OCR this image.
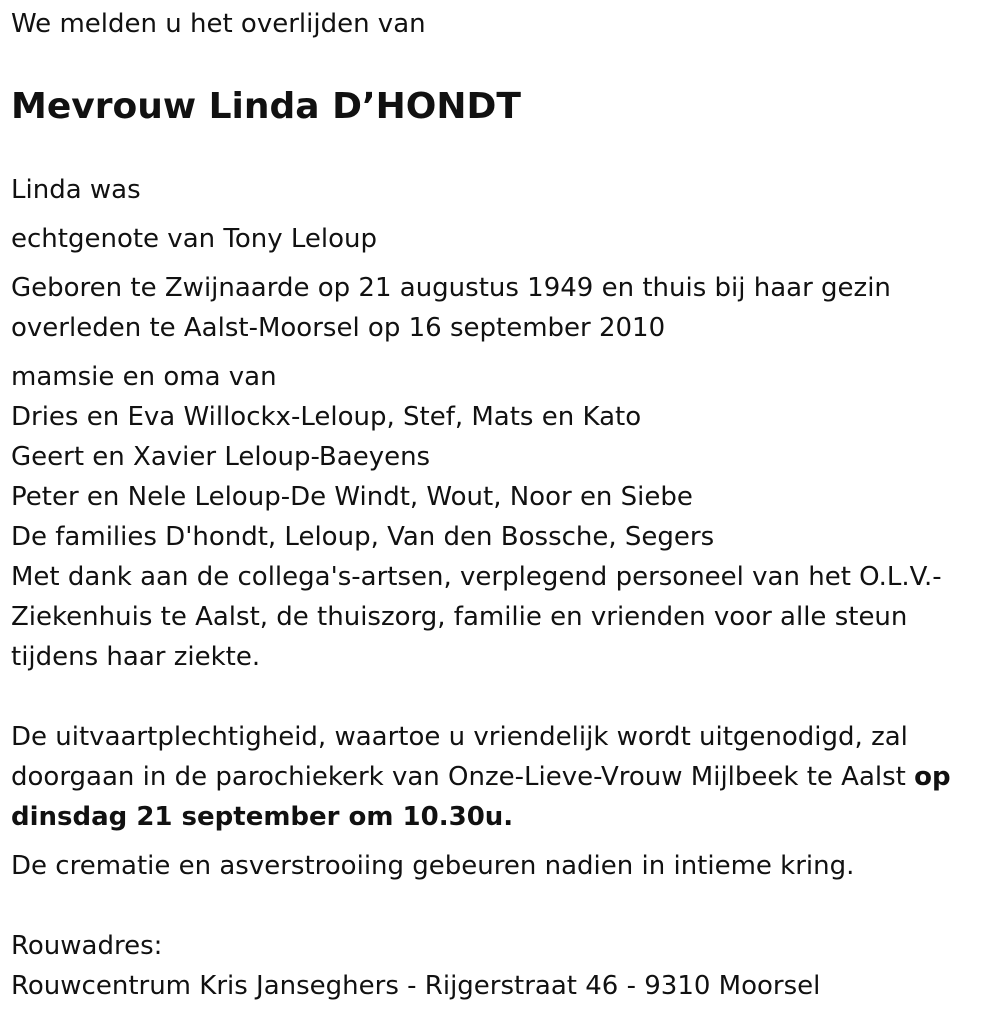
We melden u het overlijden van
Mevrouw Linda D’HONDT
Linda was
echtgenote van Tony Leloup
Geboren te Zwijnaarde op 21 augustus 1949 en thuis bij haar gezin
overleden te Aalst-Moorsel op 16 september 2010
mamsie en oma van
Dries en Eva Willockx-Leloup, Stef, Mats en Kato
Geert en Xavier Leloup-Baeyens
Peter en Nele Leloup-De Windt, Wout, Noor en Siebe
De families D'hondt, Leloup, Van den Bossche, Segers
Met dank aan de collega's-artsen, verplegend personeel van het O.L.V.-
Ziekenhuis te Aalst, de thuiszorg, familie en vrienden voor alle steun
tijdens haar ziekte.
De uitvaartplechtigheid, waartoe u vriendelijk wordt uitgenodigd, zal
doorgaan in de parochiekerk van Onze-Lieve-Vrouw Mijlbeek te Aalst op
dinsdag 21 september om 10.30u.
De crematie en asverstrooiing gebeuren nadien in intieme kring.
Rouwadres:
Rouwcentrum Kris Janseghers - Rijgerstraat 46 - 9310 Moorsel
